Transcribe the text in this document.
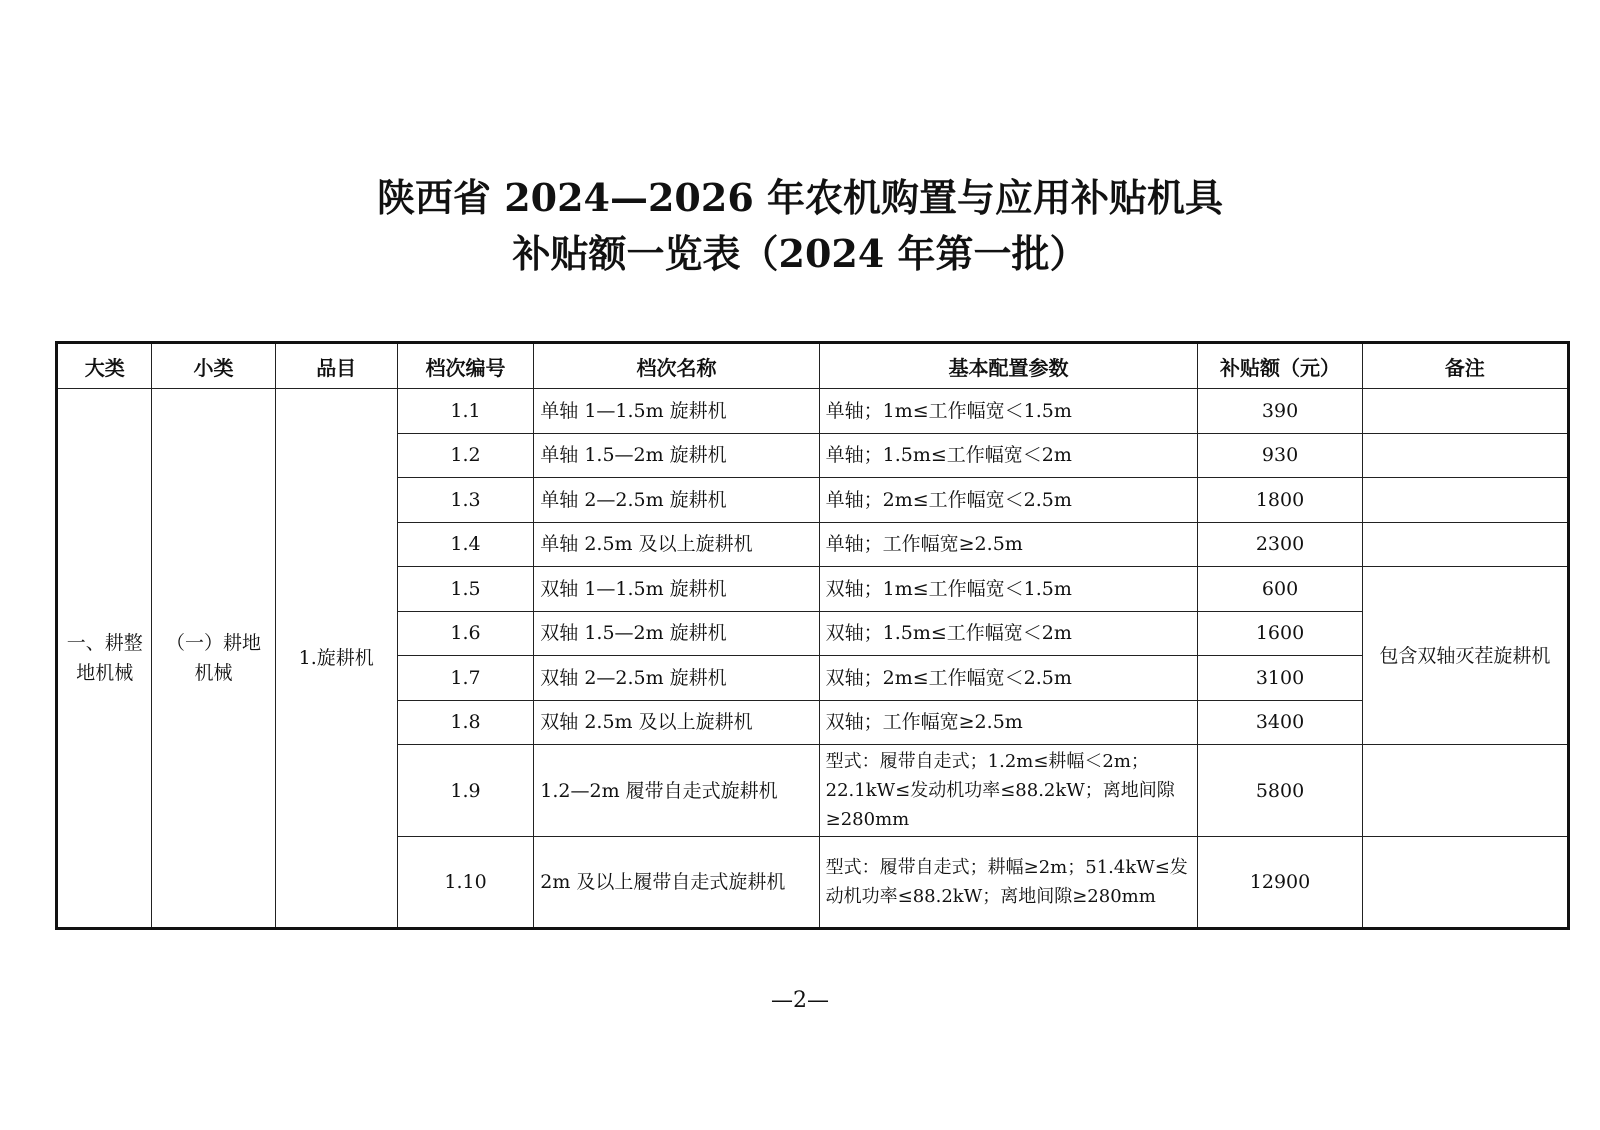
陕西省 2024—2026 年农机购置与应用补贴机具
补贴额一览表（2024 年第一批）
大类	小类	品目	档次编号	档次名称	基本配置参数	补贴额（元）	备注
一、耕整地机械	（一）耕地机械	1.旋耕机	1.1	单轴 1—1.5m 旋耕机	单轴；1m≤工作幅宽＜1.5m	390	
			1.2	单轴 1.5—2m 旋耕机	单轴；1.5m≤工作幅宽＜2m	930	
			1.3	单轴 2—2.5m 旋耕机	单轴；2m≤工作幅宽＜2.5m	1800	
			1.4	单轴 2.5m 及以上旋耕机	单轴；工作幅宽≥2.5m	2300	
			1.5	双轴 1—1.5m 旋耕机	双轴；1m≤工作幅宽＜1.5m	600	包含双轴灭茬旋耕机
			1.6	双轴 1.5—2m 旋耕机	双轴；1.5m≤工作幅宽＜2m	1600	
			1.7	双轴 2—2.5m 旋耕机	双轴；2m≤工作幅宽＜2.5m	3100	
			1.8	双轴 2.5m 及以上旋耕机	双轴；工作幅宽≥2.5m	3400	
			1.9	1.2—2m 履带自走式旋耕机	型式：履带自走式；1.2m≤耕幅＜2m；22.1kW≤发动机功率≤88.2kW；离地间隙≥280mm	5800	
			1.10	2m 及以上履带自走式旋耕机	型式：履带自走式；耕幅≥2m；51.4kW≤发动机功率≤88.2kW；离地间隙≥280mm	12900	
—2—
